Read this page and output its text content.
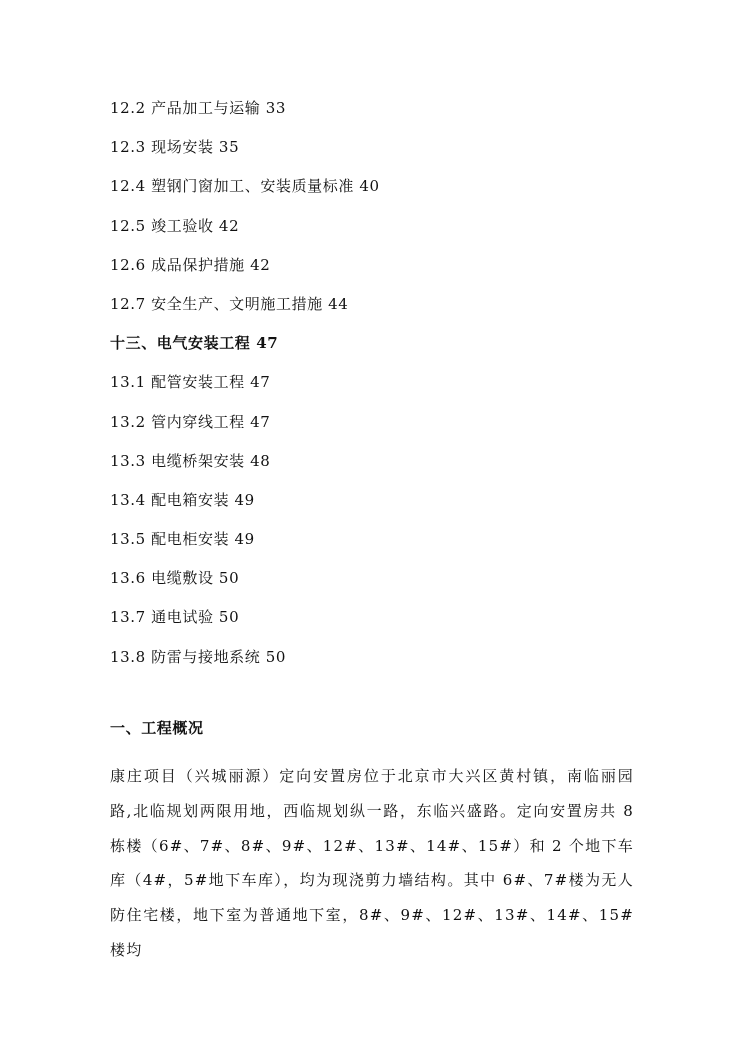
12.2 产品加工与运输 33
12.3 现场安装 35
12.4 塑钢门窗加工、安装质量标准 40
12.5 竣工验收 42
12.6 成品保护措施 42
12.7 安全生产、文明施工措施 44
十三、电气安装工程 47
13.1 配管安装工程 47
13.2 管内穿线工程 47
13.3 电缆桥架安装 48
13.4 配电箱安装 49
13.5 配电柜安装 49
13.6 电缆敷设 50
13.7 通电试验 50
13.8 防雷与接地系统 50
一、工程概况

康庄项目（兴城丽源）定向安置房位于北京市大兴区黄村镇，南临丽园路,北临规划两限用地，西临规划纵一路，东临兴盛路。定向安置房共 8 栋楼（6#、7#、8#、9#、12#、13#、14#、15#）和 2 个地下车库（4#，5#地下车库），均为现浇剪力墙结构。其中 6#、7#楼为无人防住宅楼，地下室为普通地下室，8#、9#、12#、13#、14#、15#楼均
